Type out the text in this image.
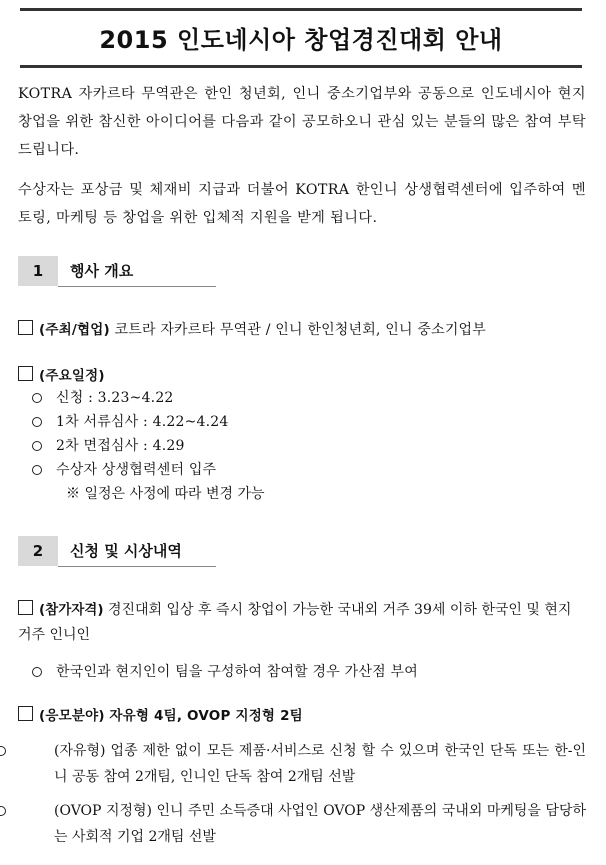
2015 인도네시아 창업경진대회 안내
KOTRA 자카르타 무역관은 한인 청년회, 인니 중소기업부와 공동으로 인도네시아 현지 창업을 위한 참신한 아이디어를 다음과 같이 공모하오니 관심 있는 분들의 많은 참여 부탁드립니다.
수상자는 포상금 및 체재비 지급과 더불어 KOTRA 한인니 상생협력센터에 입주하여 멘토링, 마케팅 등 창업을 위한 입체적 지원을 받게 됩니다.
1	행사 개요
(주최/협업) 코트라 자카르타 무역관 / 인니 한인청년회, 인니 중소기업부
(주요일정)
신청 : 3.23~4.22
1차 서류심사 : 4.22~4.24
2차 면접심사 : 4.29
수상자 상생협력센터 입주
※ 일정은 사정에 따라 변경 가능
2	신청 및 시상내역
(참가자격) 경진대회 입상 후 즉시 창업이 가능한 국내외 거주 39세 이하 한국인 및 현지 거주 인니인
한국인과 현지인이 팀을 구성하여 참여할 경우 가산점 부여
(응모분야) 자유형 4팀, OVOP 지정형 2팀
(자유형) 업종 제한 없이 모든 제품·서비스로 신청 할 수 있으며 한국인 단독 또는 한-인니 공동 참여 2개팀, 인니인 단독 참여 2개팀 선발
(OVOP 지정형) 인니 주민 소득증대 사업인 OVOP 생산제품의 국내외 마케팅을 담당하는 사회적 기업 2개팀 선발
